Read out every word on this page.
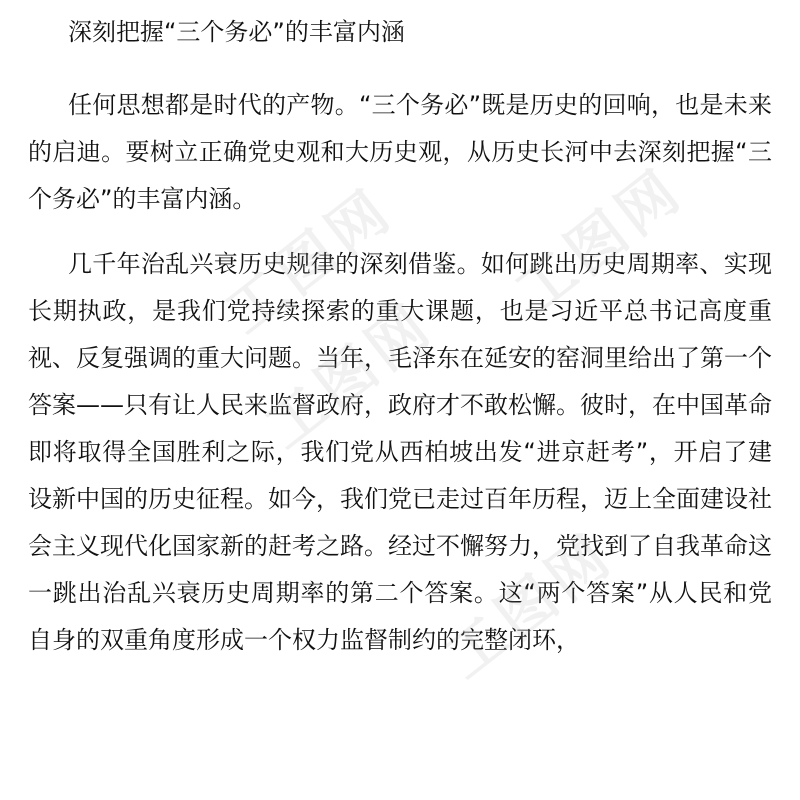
深刻把握“三个务必”的丰富内涵

任何思想都是时代的产物。“三个务必”既是历史的回响，也是未来的启迪。要树立正确党史观和大历史观，从历史长河中去深刻把握“三个务必”的丰富内涵。

几千年治乱兴衰历史规律的深刻借鉴。如何跳出历史周期率、实现长期执政，是我们党持续探索的重大课题，也是习近平总书记高度重视、反复强调的重大问题。当年，毛泽东在延安的窑洞里给出了第一个答案——只有让人民来监督政府，政府才不敢松懈。彼时，在中国革命即将取得全国胜利之际，我们党从西柏坡出发“进京赶考”，开启了建设新中国的历史征程。如今，我们党已走过百年历程，迈上全面建设社会主义现代化国家新的赶考之路。经过不懈努力，党找到了自我革命这一跳出治乱兴衰历史周期率的第二个答案。这“两个答案”从人民和党自身的双重角度形成一个权力监督制约的完整闭环，

工图网 工图网
工图网
工图网
